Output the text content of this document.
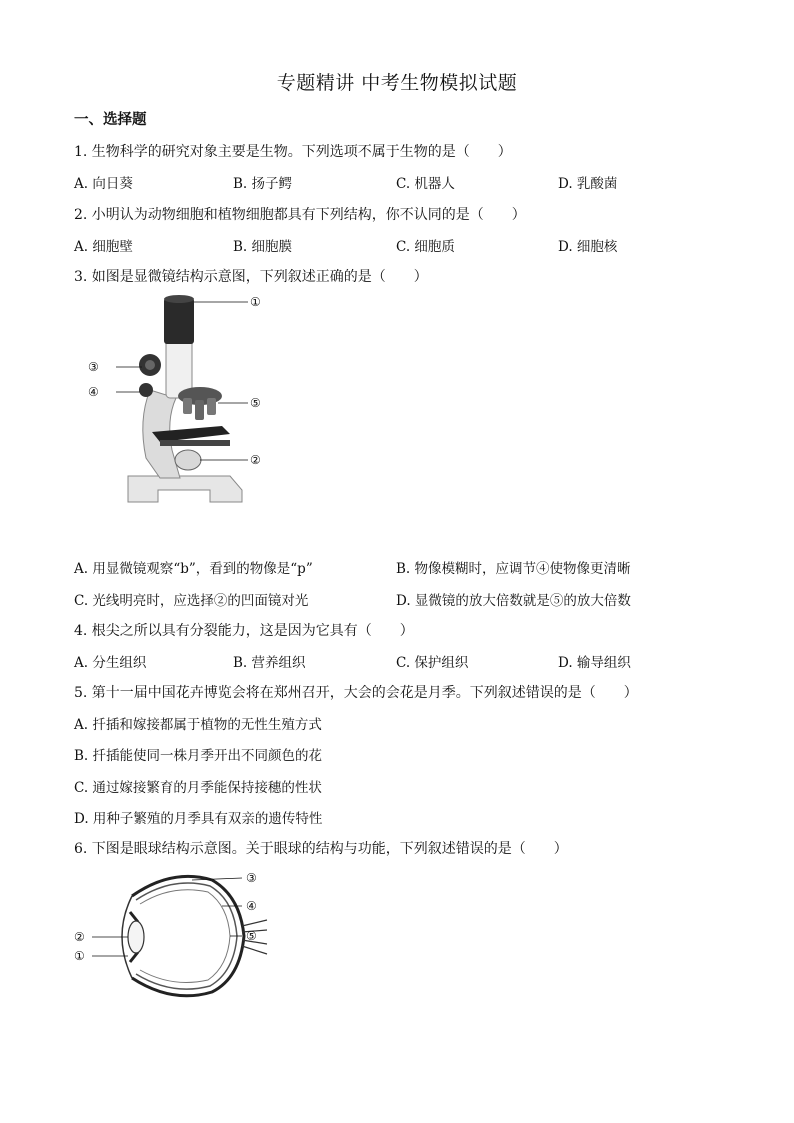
专题精讲 中考生物模拟试题
一、选择题
1. 生物科学的研究对象主要是生物。下列选项不属于生物的是（　　）
A. 向日葵	B. 扬子鳄	C. 机器人	D. 乳酸菌
2. 小明认为动物细胞和植物细胞都具有下列结构，你不认同的是（　　）
A. 细胞壁	B. 细胞膜	C. 细胞质	D. 细胞核
3. 如图是显微镜结构示意图，下列叙述正确的是（　　）
①
③
④
⑤
②
A. 用显微镜观察“b”，看到的物像是“p”	B. 物像模糊时，应调节④使物像更清晰
C. 光线明亮时，应选择②的凹面镜对光	D. 显微镜的放大倍数就是⑤的放大倍数
4. 根尖之所以具有分裂能力，这是因为它具有（　　）
A. 分生组织	B. 营养组织	C. 保护组织	D. 输导组织
5. 第十一届中国花卉博览会将在郑州召开，大会的会花是月季。下列叙述错误的是（　　）
A. 扦插和嫁接都属于植物的无性生殖方式
B. 扦插能使同一株月季开出不同颜色的花
C. 通过嫁接繁育的月季能保持接穗的性状
D. 用种子繁殖的月季具有双亲的遗传特性
6. 下图是眼球结构示意图。关于眼球的结构与功能，下列叙述错误的是（　　）
③
④
⑤
②
①
